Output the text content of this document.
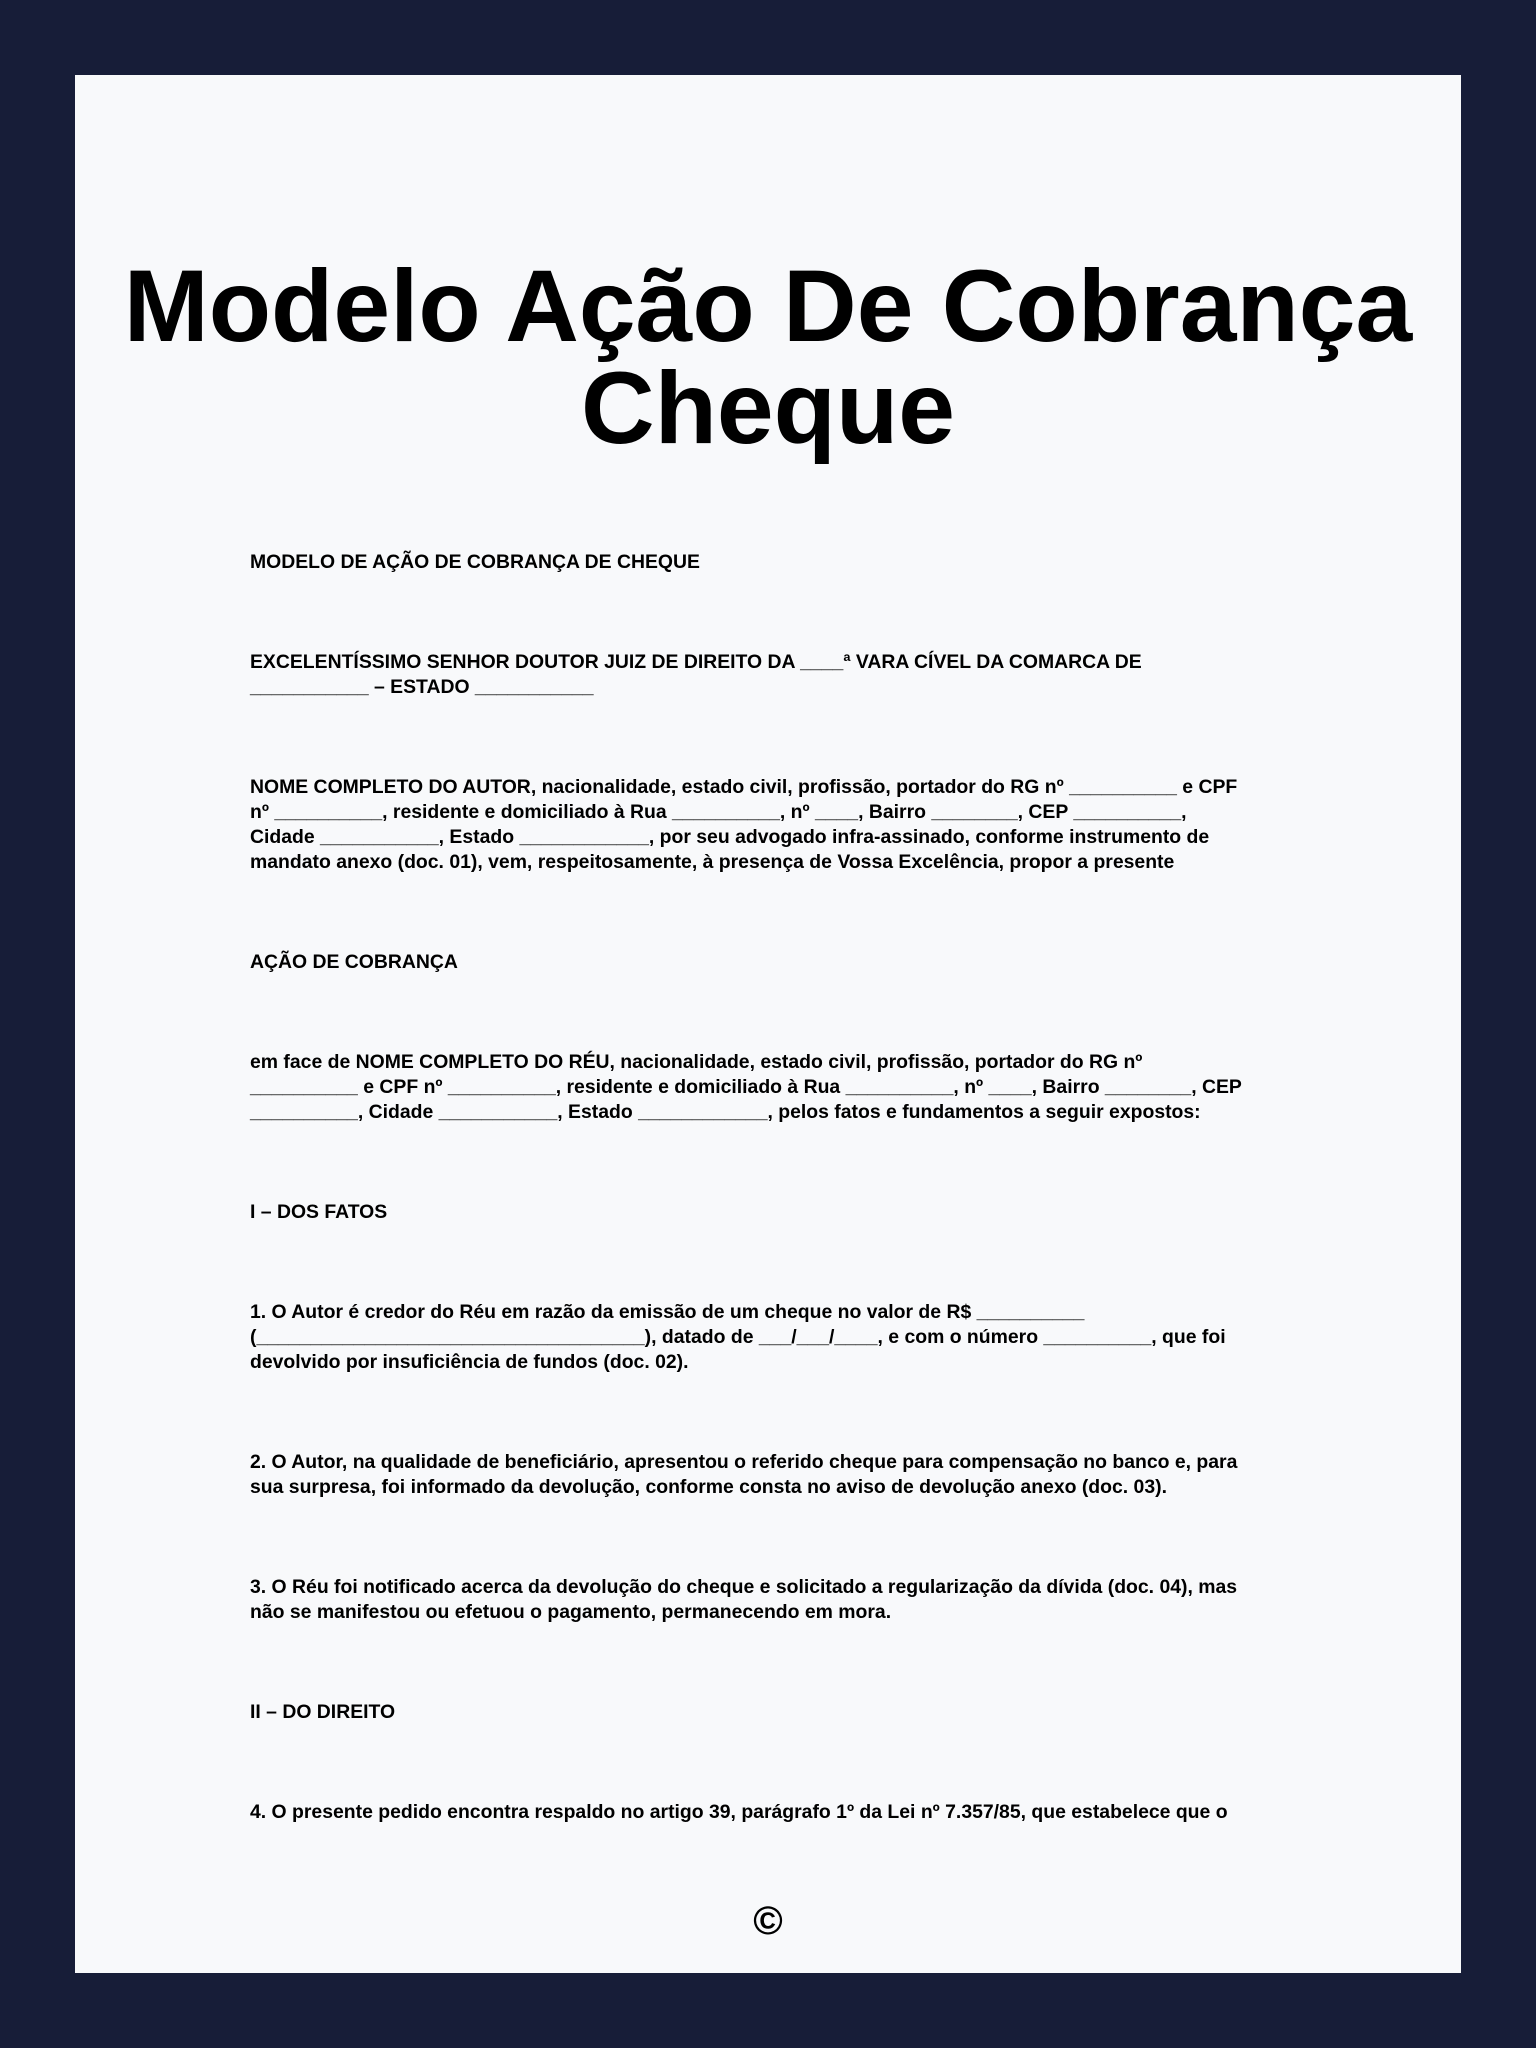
Modelo Ação De Cobrança Cheque

MODELO DE AÇÃO DE COBRANÇA DE CHEQUE

EXCELENTÍSSIMO SENHOR DOUTOR JUIZ DE DIREITO DA ____ª VARA CÍVEL DA COMARCA DE
___________ – ESTADO ___________

NOME COMPLETO DO AUTOR, nacionalidade, estado civil, profissão, portador do RG nº __________ e CPF
nº __________, residente e domiciliado à Rua __________, nº ____, Bairro ________, CEP __________,
Cidade ___________, Estado ____________, por seu advogado infra-assinado, conforme instrumento de
mandato anexo (doc. 01), vem, respeitosamente, à presença de Vossa Excelência, propor a presente

AÇÃO DE COBRANÇA

em face de NOME COMPLETO DO RÉU, nacionalidade, estado civil, profissão, portador do RG nº
__________ e CPF nº __________, residente e domiciliado à Rua __________, nº ____, Bairro ________, CEP
__________, Cidade ___________, Estado ____________, pelos fatos e fundamentos a seguir expostos:

I – DOS FATOS

1. O Autor é credor do Réu em razão da emissão de um cheque no valor de R$ __________
(____________________________________), datado de ___/___/____, e com o número __________, que foi
devolvido por insuficiência de fundos (doc. 02).

2. O Autor, na qualidade de beneficiário, apresentou o referido cheque para compensação no banco e, para
sua surpresa, foi informado da devolução, conforme consta no aviso de devolução anexo (doc. 03).

3. O Réu foi notificado acerca da devolução do cheque e solicitado a regularização da dívida (doc. 04), mas
não se manifestou ou efetuou o pagamento, permanecendo em mora.

II – DO DIREITO

4. O presente pedido encontra respaldo no artigo 39, parágrafo 1º da Lei nº 7.357/85, que estabelece que o

©
